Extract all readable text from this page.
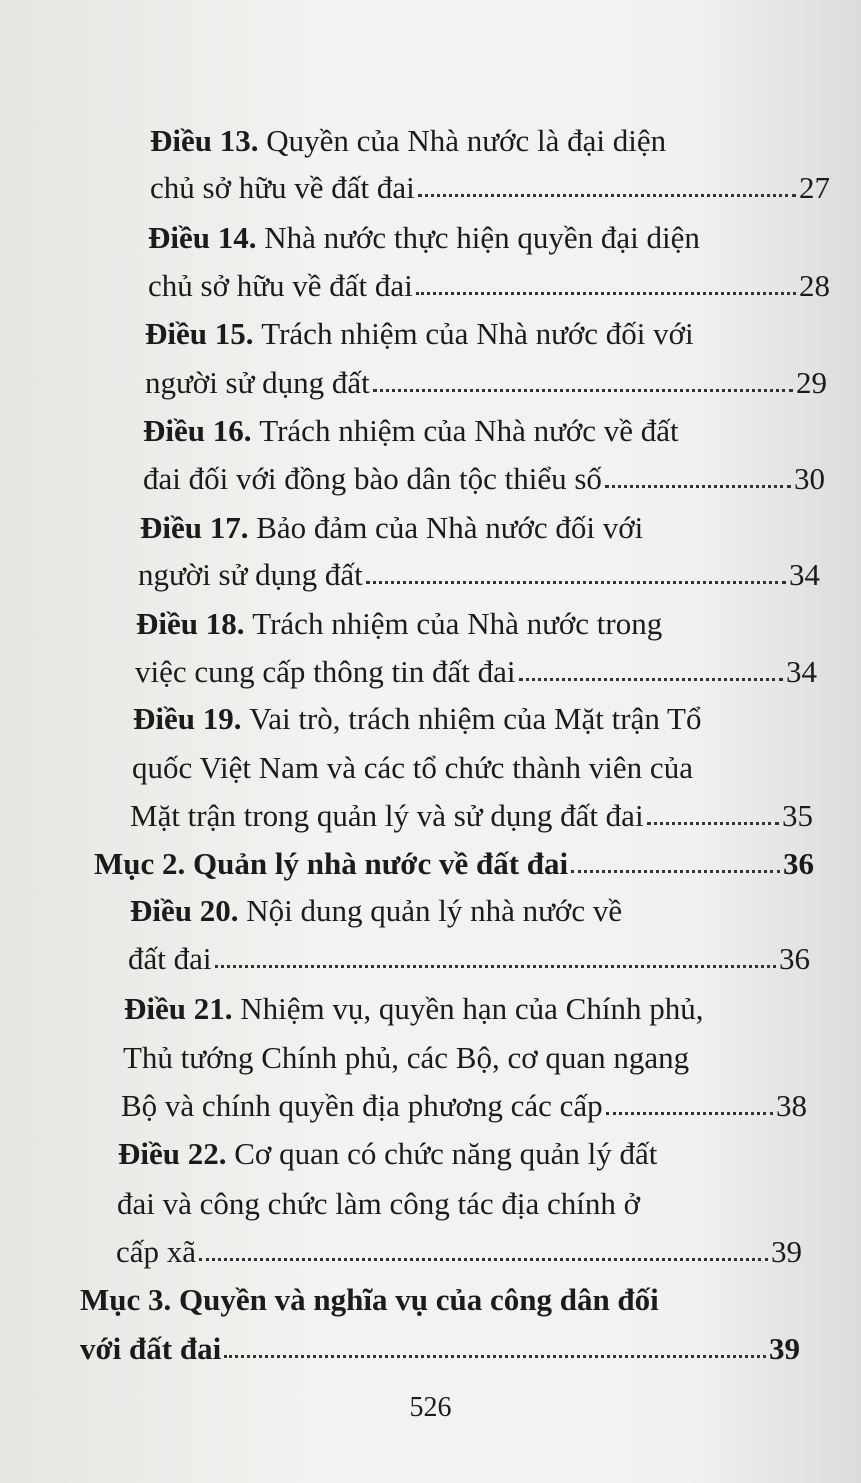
Điều 13.
Quyền của Nhà nước là đại diện
chủ sở hữu về đất đai	27
Điều 14.
Nhà nước thực hiện quyền đại diện
chủ sở hữu về đất đai	28
Điều 15.
Trách nhiệm của Nhà nước đối với
người sử dụng đất	29
Điều 16.
Trách nhiệm của Nhà nước về đất
đai đối với đồng bào dân tộc thiểu số	30
Điều 17.
Bảo đảm của Nhà nước đối với
người sử dụng đất	34
Điều 18.
Trách nhiệm của Nhà nước trong
việc cung cấp thông tin đất đai	34
Điều 19.
Vai trò, trách nhiệm của Mặt trận Tổ
quốc Việt Nam và các tổ chức thành viên của
Mặt trận trong quản lý và sử dụng đất đai	35
Mục 2.
Quản lý nhà nước về đất đai	36
Điều 20.
Nội dung quản lý nhà nước về
đất đai	36
Điều 21.
Nhiệm vụ, quyền hạn của Chính phủ,
Thủ tướng Chính phủ, các Bộ, cơ quan ngang
Bộ và chính quyền địa phương các cấp	38
Điều 22.
Cơ quan có chức năng quản lý đất
đai và công chức làm công tác địa chính ở
cấp xã	39
Mục 3.
Quyền và nghĩa vụ của công dân đối
với đất đai	39
526
